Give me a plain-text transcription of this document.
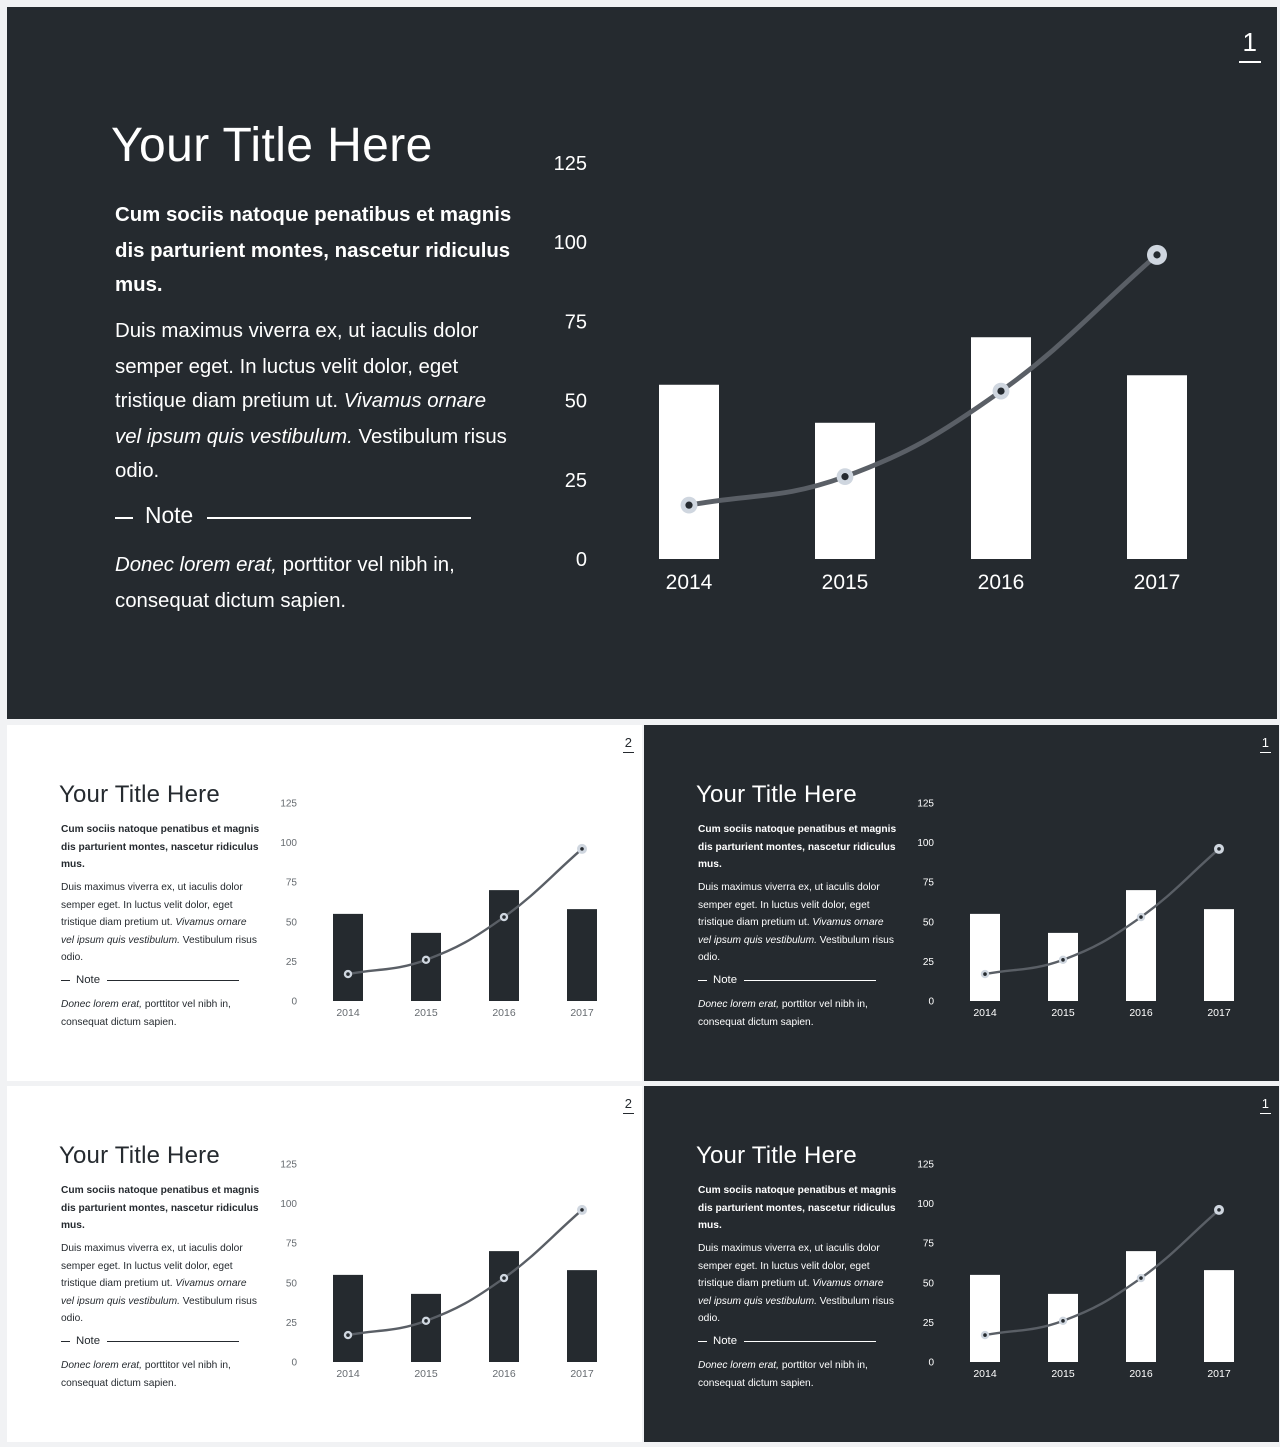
1
Your Title Here
Cum sociis natoque penatibus et magnis dis parturient montes, nascetur ridiculus mus.
Duis maximus viverra ex, ut iaculis dolor semper eget. In luctus velit dolor, eget tristique diam pretium ut. Vivamus ornare vel ipsum quis vestibulum. Vestibulum risus odio.
Note
Donec lorem erat, porttitor vel nibh in, consequat dictum sapien.
0
25
50
75
100
125
2014	2015	2016	2017
2
Your Title Here
Cum sociis natoque penatibus et magnis dis parturient montes, nascetur ridiculus mus.
Duis maximus viverra ex, ut iaculis dolor semper eget. In luctus velit dolor, eget tristique diam pretium ut. Vivamus ornare vel ipsum quis vestibulum. Vestibulum risus odio.
Note
Donec lorem erat, porttitor vel nibh in, consequat dictum sapien.
0
25
50
75
100
125
2014	2015	2016	2017
1
Your Title Here
Cum sociis natoque penatibus et magnis dis parturient montes, nascetur ridiculus mus.
Duis maximus viverra ex, ut iaculis dolor semper eget. In luctus velit dolor, eget tristique diam pretium ut. Vivamus ornare vel ipsum quis vestibulum. Vestibulum risus odio.
Note
Donec lorem erat, porttitor vel nibh in, consequat dictum sapien.
0
25
50
75
100
125
2014	2015	2016	2017
2
Your Title Here
Cum sociis natoque penatibus et magnis dis parturient montes, nascetur ridiculus mus.
Duis maximus viverra ex, ut iaculis dolor semper eget. In luctus velit dolor, eget tristique diam pretium ut. Vivamus ornare vel ipsum quis vestibulum. Vestibulum risus odio.
Note
Donec lorem erat, porttitor vel nibh in, consequat dictum sapien.
0
25
50
75
100
125
2014	2015	2016	2017
1
Your Title Here
Cum sociis natoque penatibus et magnis dis parturient montes, nascetur ridiculus mus.
Duis maximus viverra ex, ut iaculis dolor semper eget. In luctus velit dolor, eget tristique diam pretium ut. Vivamus ornare vel ipsum quis vestibulum. Vestibulum risus odio.
Note
Donec lorem erat, porttitor vel nibh in, consequat dictum sapien.
0
25
50
75
100
125
2014	2015	2016	2017
